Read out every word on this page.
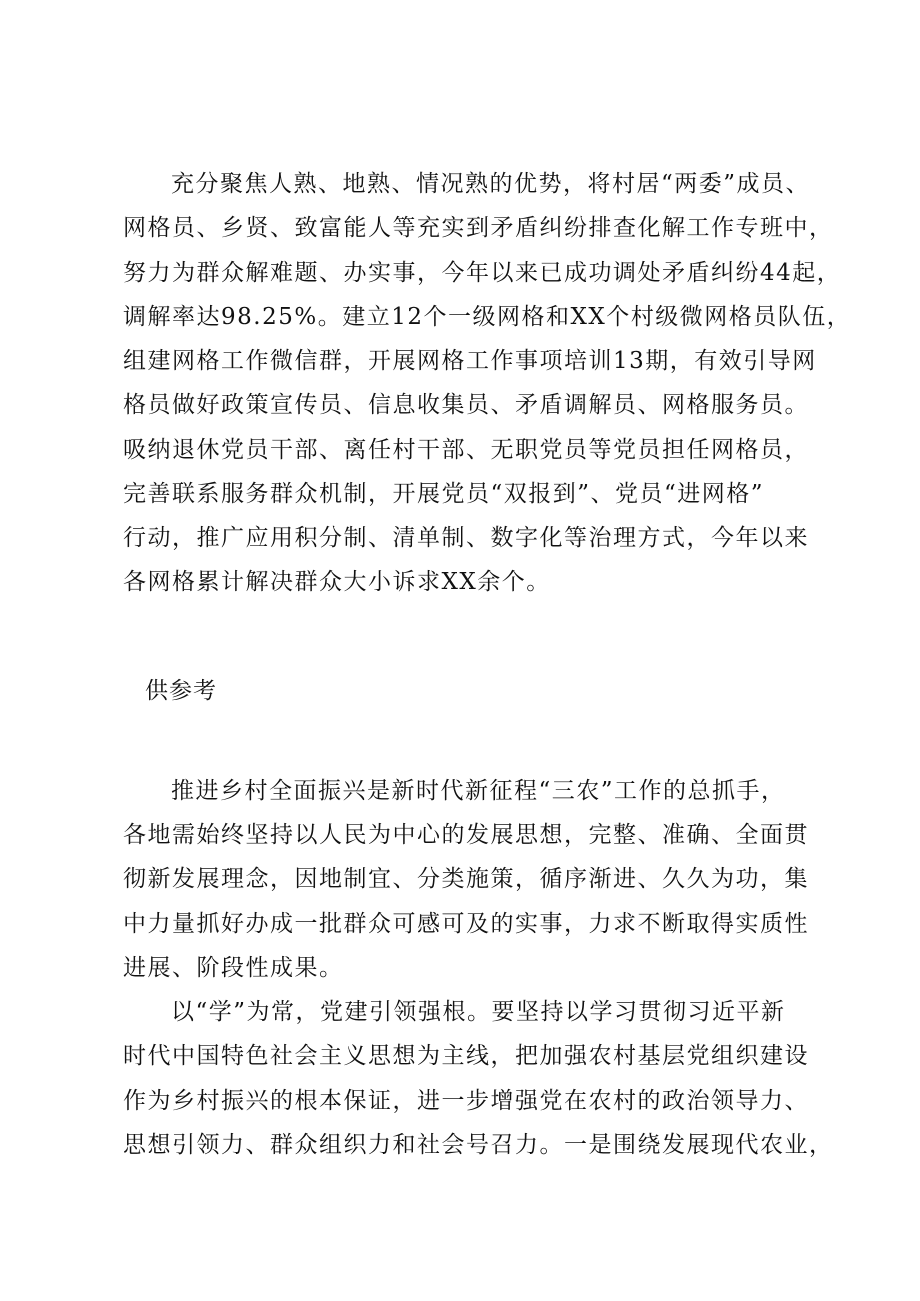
充分聚焦人熟、地熟、情况熟的优势，将村居“两委”成员、
网格员、乡贤、致富能人等充实到矛盾纠纷排查化解工作专班中，
努力为群众解难题、办实事，今年以来已成功调处矛盾纠纷44起，
调解率达98.25%。建立12个一级网格和XX个村级微网格员队伍，
组建网格工作微信群，开展网格工作事项培训13期，有效引导网
格员做好政策宣传员、信息收集员、矛盾调解员、网格服务员。
吸纳退休党员干部、离任村干部、无职党员等党员担任网格员，
完善联系服务群众机制，开展党员“双报到”、党员“进网格”
行动，推广应用积分制、清单制、数字化等治理方式，今年以来
各网格累计解决群众大小诉求XX余个。
供参考
推进乡村全面振兴是新时代新征程“三农”工作的总抓手，
各地需始终坚持以人民为中心的发展思想，完整、准确、全面贯
彻新发展理念，因地制宜、分类施策，循序渐进、久久为功，集
中力量抓好办成一批群众可感可及的实事，力求不断取得实质性
进展、阶段性成果。
以“学”为常，党建引领强根。要坚持以学习贯彻习近平新
时代中国特色社会主义思想为主线，把加强农村基层党组织建设
作为乡村振兴的根本保证，进一步增强党在农村的政治领导力、
思想引领力、群众组织力和社会号召力。一是围绕发展现代农业，
